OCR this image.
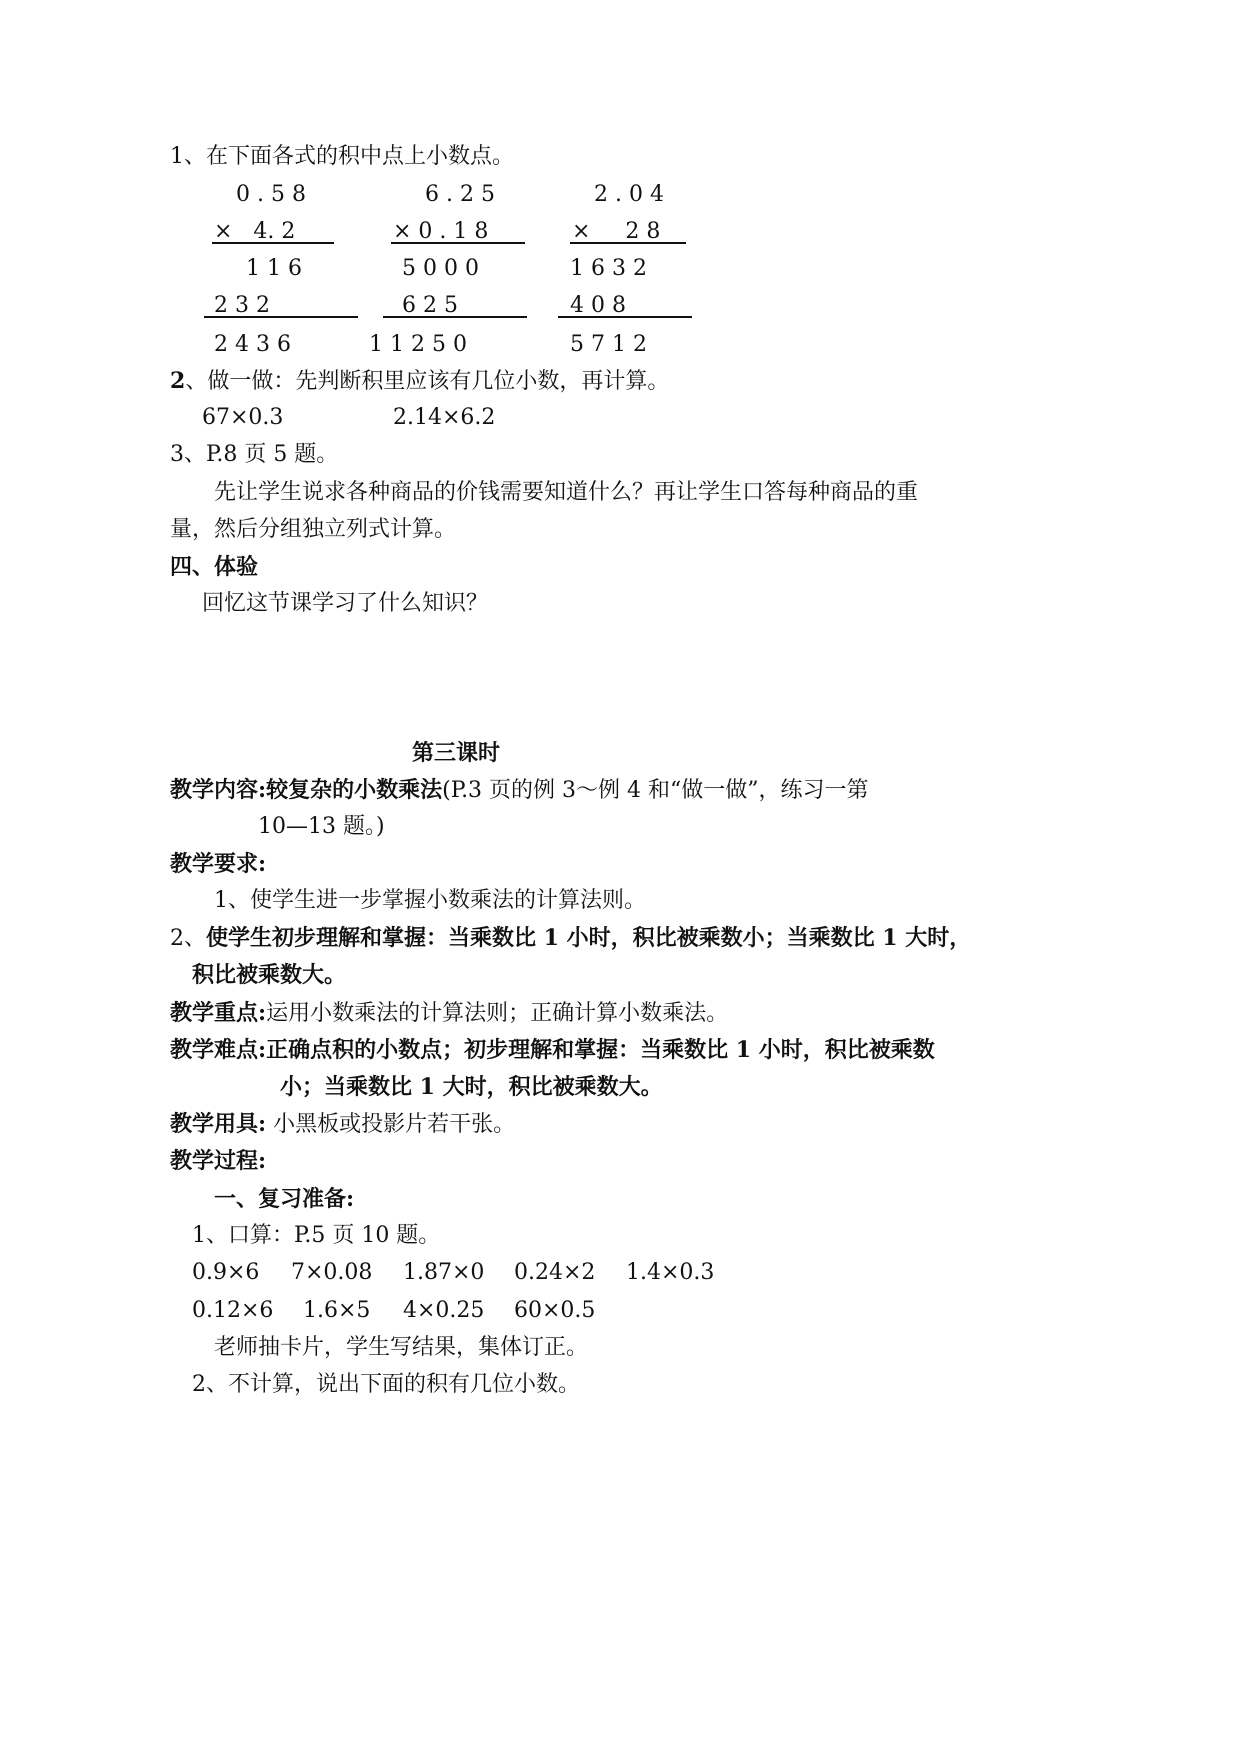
1、在下面各式的积中点上小数点。
0 . 5 8
×   4. 2
1 1 6
2 3 2
2 4 3 6
6 . 2 5
× 0 . 1 8
5 0 0 0
6 2 5
1 1 2 5 0
2 . 0 4
×     2 8
1 6 3 2
4 0 8
5 7 1 2
2、做一做：先判断积里应该有几位小数，再计算。
67×0.3	2.14×6.2
3、P.8 页 5 题。
先让学生说求各种商品的价钱需要知道什么？再让学生口答每种商品的重
量，然后分组独立列式计算。
四、体验
回忆这节课学习了什么知识？
第三课时
教学内容:较复杂的小数乘法(P.3 页的例 3～例 4 和“做一做”，练习一第
10—13 题。)
教学要求:
1、使学生进一步掌握小数乘法的计算法则。
2、使学生初步理解和掌握：当乘数比 1 小时，积比被乘数小；当乘数比 1 大时，
积比被乘数大。
教学重点:运用小数乘法的计算法则；正确计算小数乘法。
教学难点:正确点积的小数点；初步理解和掌握：当乘数比 1 小时，积比被乘数
小；当乘数比 1 大时，积比被乘数大。
教学用具: 小黑板或投影片若干张。
教学过程:
一、复习准备:
1、口算：P.5 页 10 题。
0.9×6 7×0.08 1.87×0 0.24×2 1.4×0.3
0.12×6 1.6×5 4×0.25 60×0.5
老师抽卡片，学生写结果，集体订正。
2、不计算，说出下面的积有几位小数。
